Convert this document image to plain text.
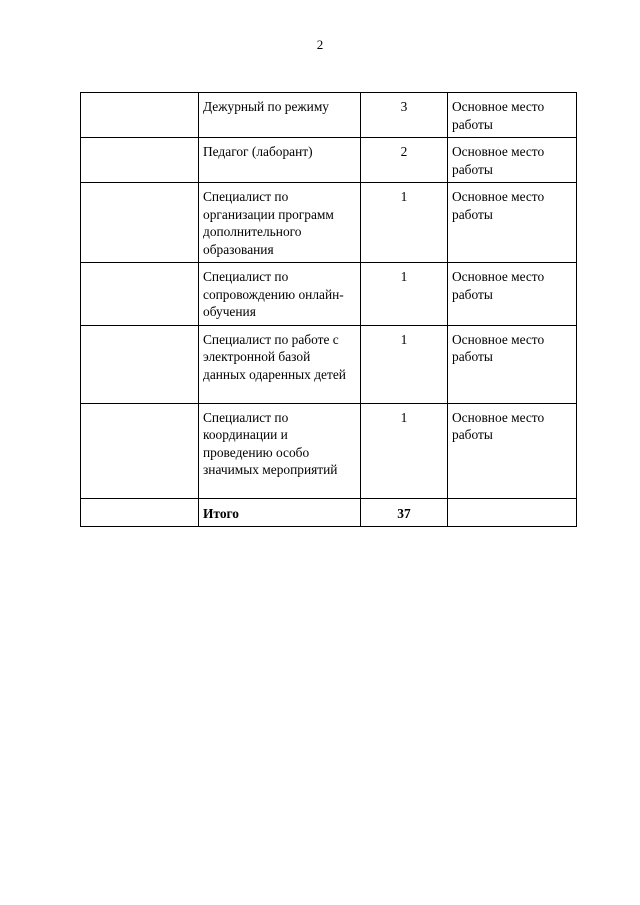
2
	Дежурный по режиму	3	Основное место работы
	Педагог (лаборант)	2	Основное место работы
	Специалист по организации программ дополнительного образования	1	Основное место работы
	Специалист по сопровождению онлайн-обучения	1	Основное место работы
	Специалист по работе с электронной базой данных одаренных детей	1	Основное место работы
	Специалист по координации и проведению особо значимых мероприятий	1	Основное место работы
	Итого	37	
